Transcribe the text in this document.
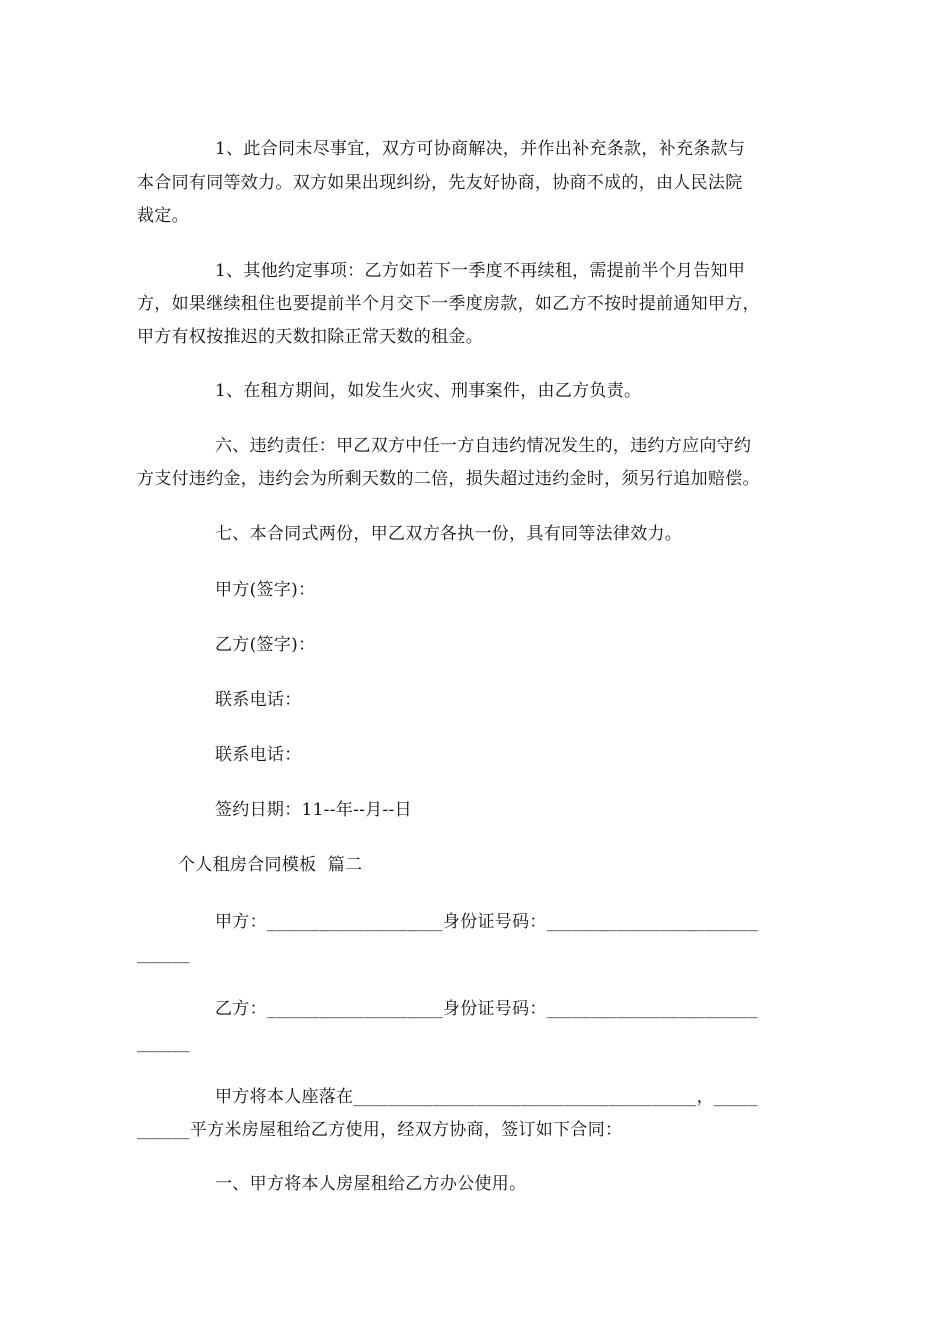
1、此合同未尽事宜，双方可协商解决，并作出补充条款，补充条款与
本合同有同等效力。双方如果出现纠纷，先友好协商，协商不成的，由人民法院
裁定。
1、其他约定事项：乙方如若下一季度不再续租，需提前半个月告知甲
方，如果继续租住也要提前半个月交下一季度房款，如乙方不按时提前通知甲方，
甲方有权按推迟的天数扣除正常天数的租金。
1、在租方期间，如发生火灾、刑事案件，由乙方负责。
六、违约责任：甲乙双方中任一方自违约情况发生的，违约方应向守约
方支付违约金，违约会为所剩天数的二倍，损失超过违约金时，须另行追加赔偿。
七、本合同式两份，甲乙双方各执一份，具有同等法律效力。
甲方(签字)：
乙方(签字)：
联系电话：
联系电话：
签约日期：11--年--月--日
个人租房合同模板  篇二
甲方：____________________身份证号码：________________________
______
乙方：____________________身份证号码：________________________
______
甲方将本人座落在_______________________________________，_____
______平方米房屋租给乙方使用，经双方协商，签订如下合同：
一、甲方将本人房屋租给乙方办公使用。
